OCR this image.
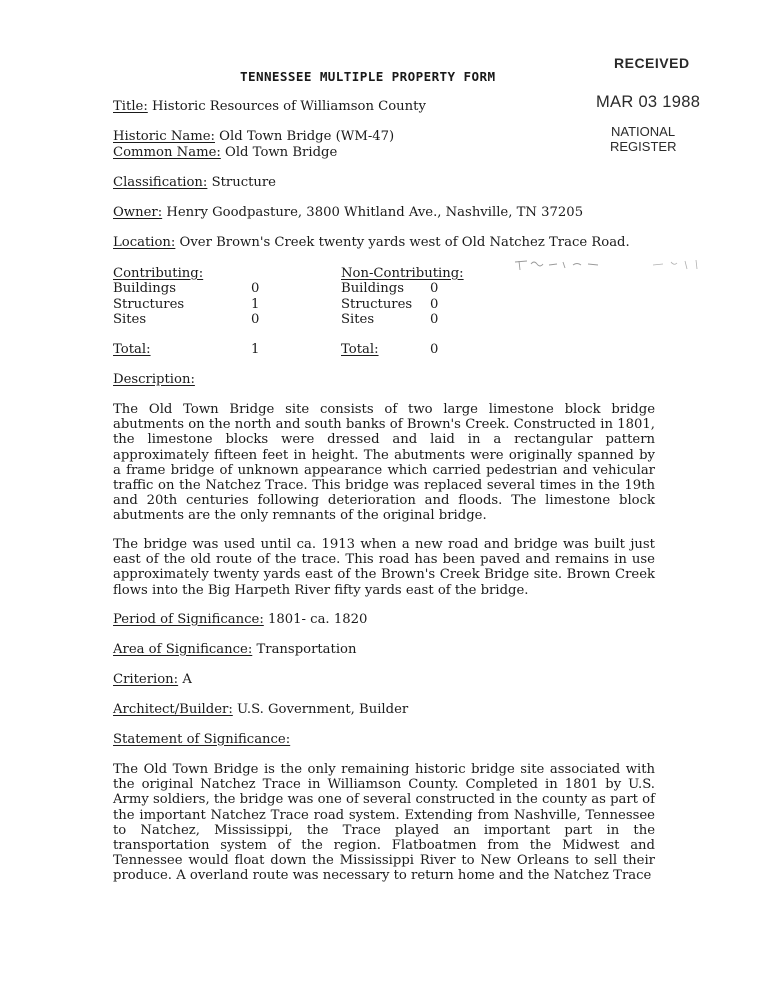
RECEIVED
MAR 03 1988
NATIONAL
REGISTER
TENNESSEE MULTIPLE PROPERTY FORM
Title: Historic Resources of Williamson County
Historic Name: Old Town Bridge (WM-47)
Common Name: Old Town Bridge
Classification: Structure
Owner: Henry Goodpasture, 3800 Whitland Ave., Nashville, TN 37205
Location: Over Brown's Creek twenty yards west of Old Natchez Trace Road.
Contributing:
Buildings
Structures
Sites
0
1
0
Total:	1
Non-Contributing:
Buildings
Structures
Sites
0
0
0
Total:	0
Description:
The Old Town Bridge site consists of two large limestone block bridge abutments on the north and south banks of Brown's Creek. Constructed in 1801, the limestone blocks were dressed and laid in a rectangular pattern approximately fifteen feet in height. The abutments were originally spanned by a frame bridge of unknown appearance which carried pedestrian and vehicular traffic on the Natchez Trace. This bridge was replaced several times in the 19th and 20th centuries following deterioration and floods. The limestone block abutments are the only remnants of the original bridge.
The bridge was used until ca. 1913 when a new road and bridge was built just east of the old route of the trace. This road has been paved and remains in use approximately twenty yards east of the Brown's Creek Bridge site. Brown Creek flows into the Big Harpeth River fifty yards east of the bridge.
Period of Significance: 1801- ca. 1820
Area of Significance: Transportation
Criterion: A
Architect/Builder: U.S. Government, Builder
Statement of Significance:
The Old Town Bridge is the only remaining historic bridge site associated with the original Natchez Trace in Williamson County. Completed in 1801 by U.S. Army soldiers, the bridge was one of several constructed in the county as part of the important Natchez Trace road system. Extending from Nashville, Tennessee to Natchez, Mississippi, the Trace played an important part in the transportation system of the region. Flatboatmen from the Midwest and Tennessee would float down the Mississippi River to New Orleans to sell their produce. A overland route was necessary to return home and the Natchez Trace
